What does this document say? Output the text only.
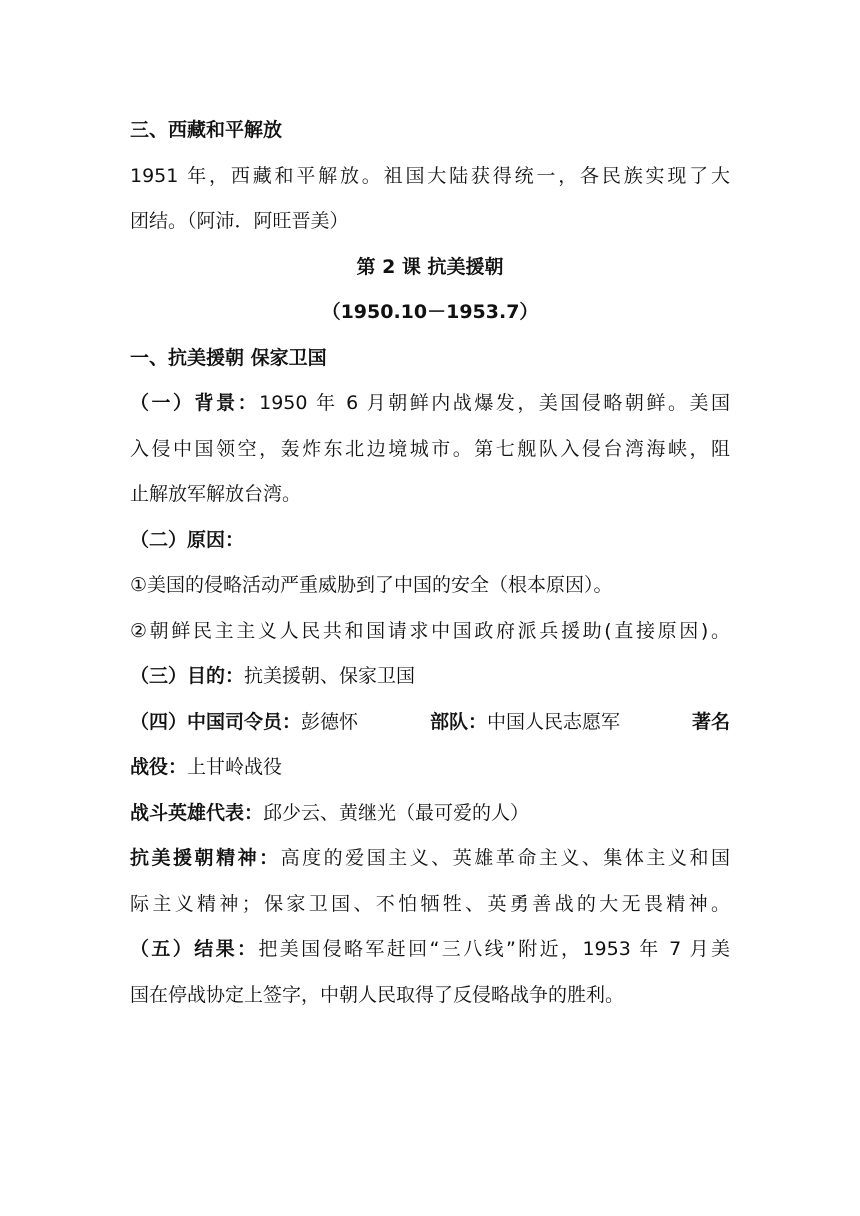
三、西藏和平解放
1951 年，西藏和平解放。祖国大陆获得统一，各民族实现了大
团结。（阿沛．阿旺晋美）
第 2 课 抗美援朝
（1950.10－1953.7）
一、抗美援朝 保家卫国
（一）背景：1950 年 6 月朝鲜内战爆发，美国侵略朝鲜。美国
入侵中国领空，轰炸东北边境城市。第七舰队入侵台湾海峡，阻
止解放军解放台湾。
（二）原因：
①美国的侵略活动严重威胁到了中国的安全（根本原因）。
②朝鲜民主主义人民共和国请求中国政府派兵援助(直接原因)。
（三）目的：抗美援朝、保家卫国
（四）中国司令员：彭德怀	部队：中国人民志愿军	著名
战役：上甘岭战役
战斗英雄代表：邱少云、黄继光（最可爱的人）
抗美援朝精神：高度的爱国主义、英雄革命主义、集体主义和国
际主义精神；保家卫国、不怕牺牲、英勇善战的大无畏精神。
（五）结果：把美国侵略军赶回“三八线”附近，1953 年 7 月美
国在停战协定上签字，中朝人民取得了反侵略战争的胜利。
